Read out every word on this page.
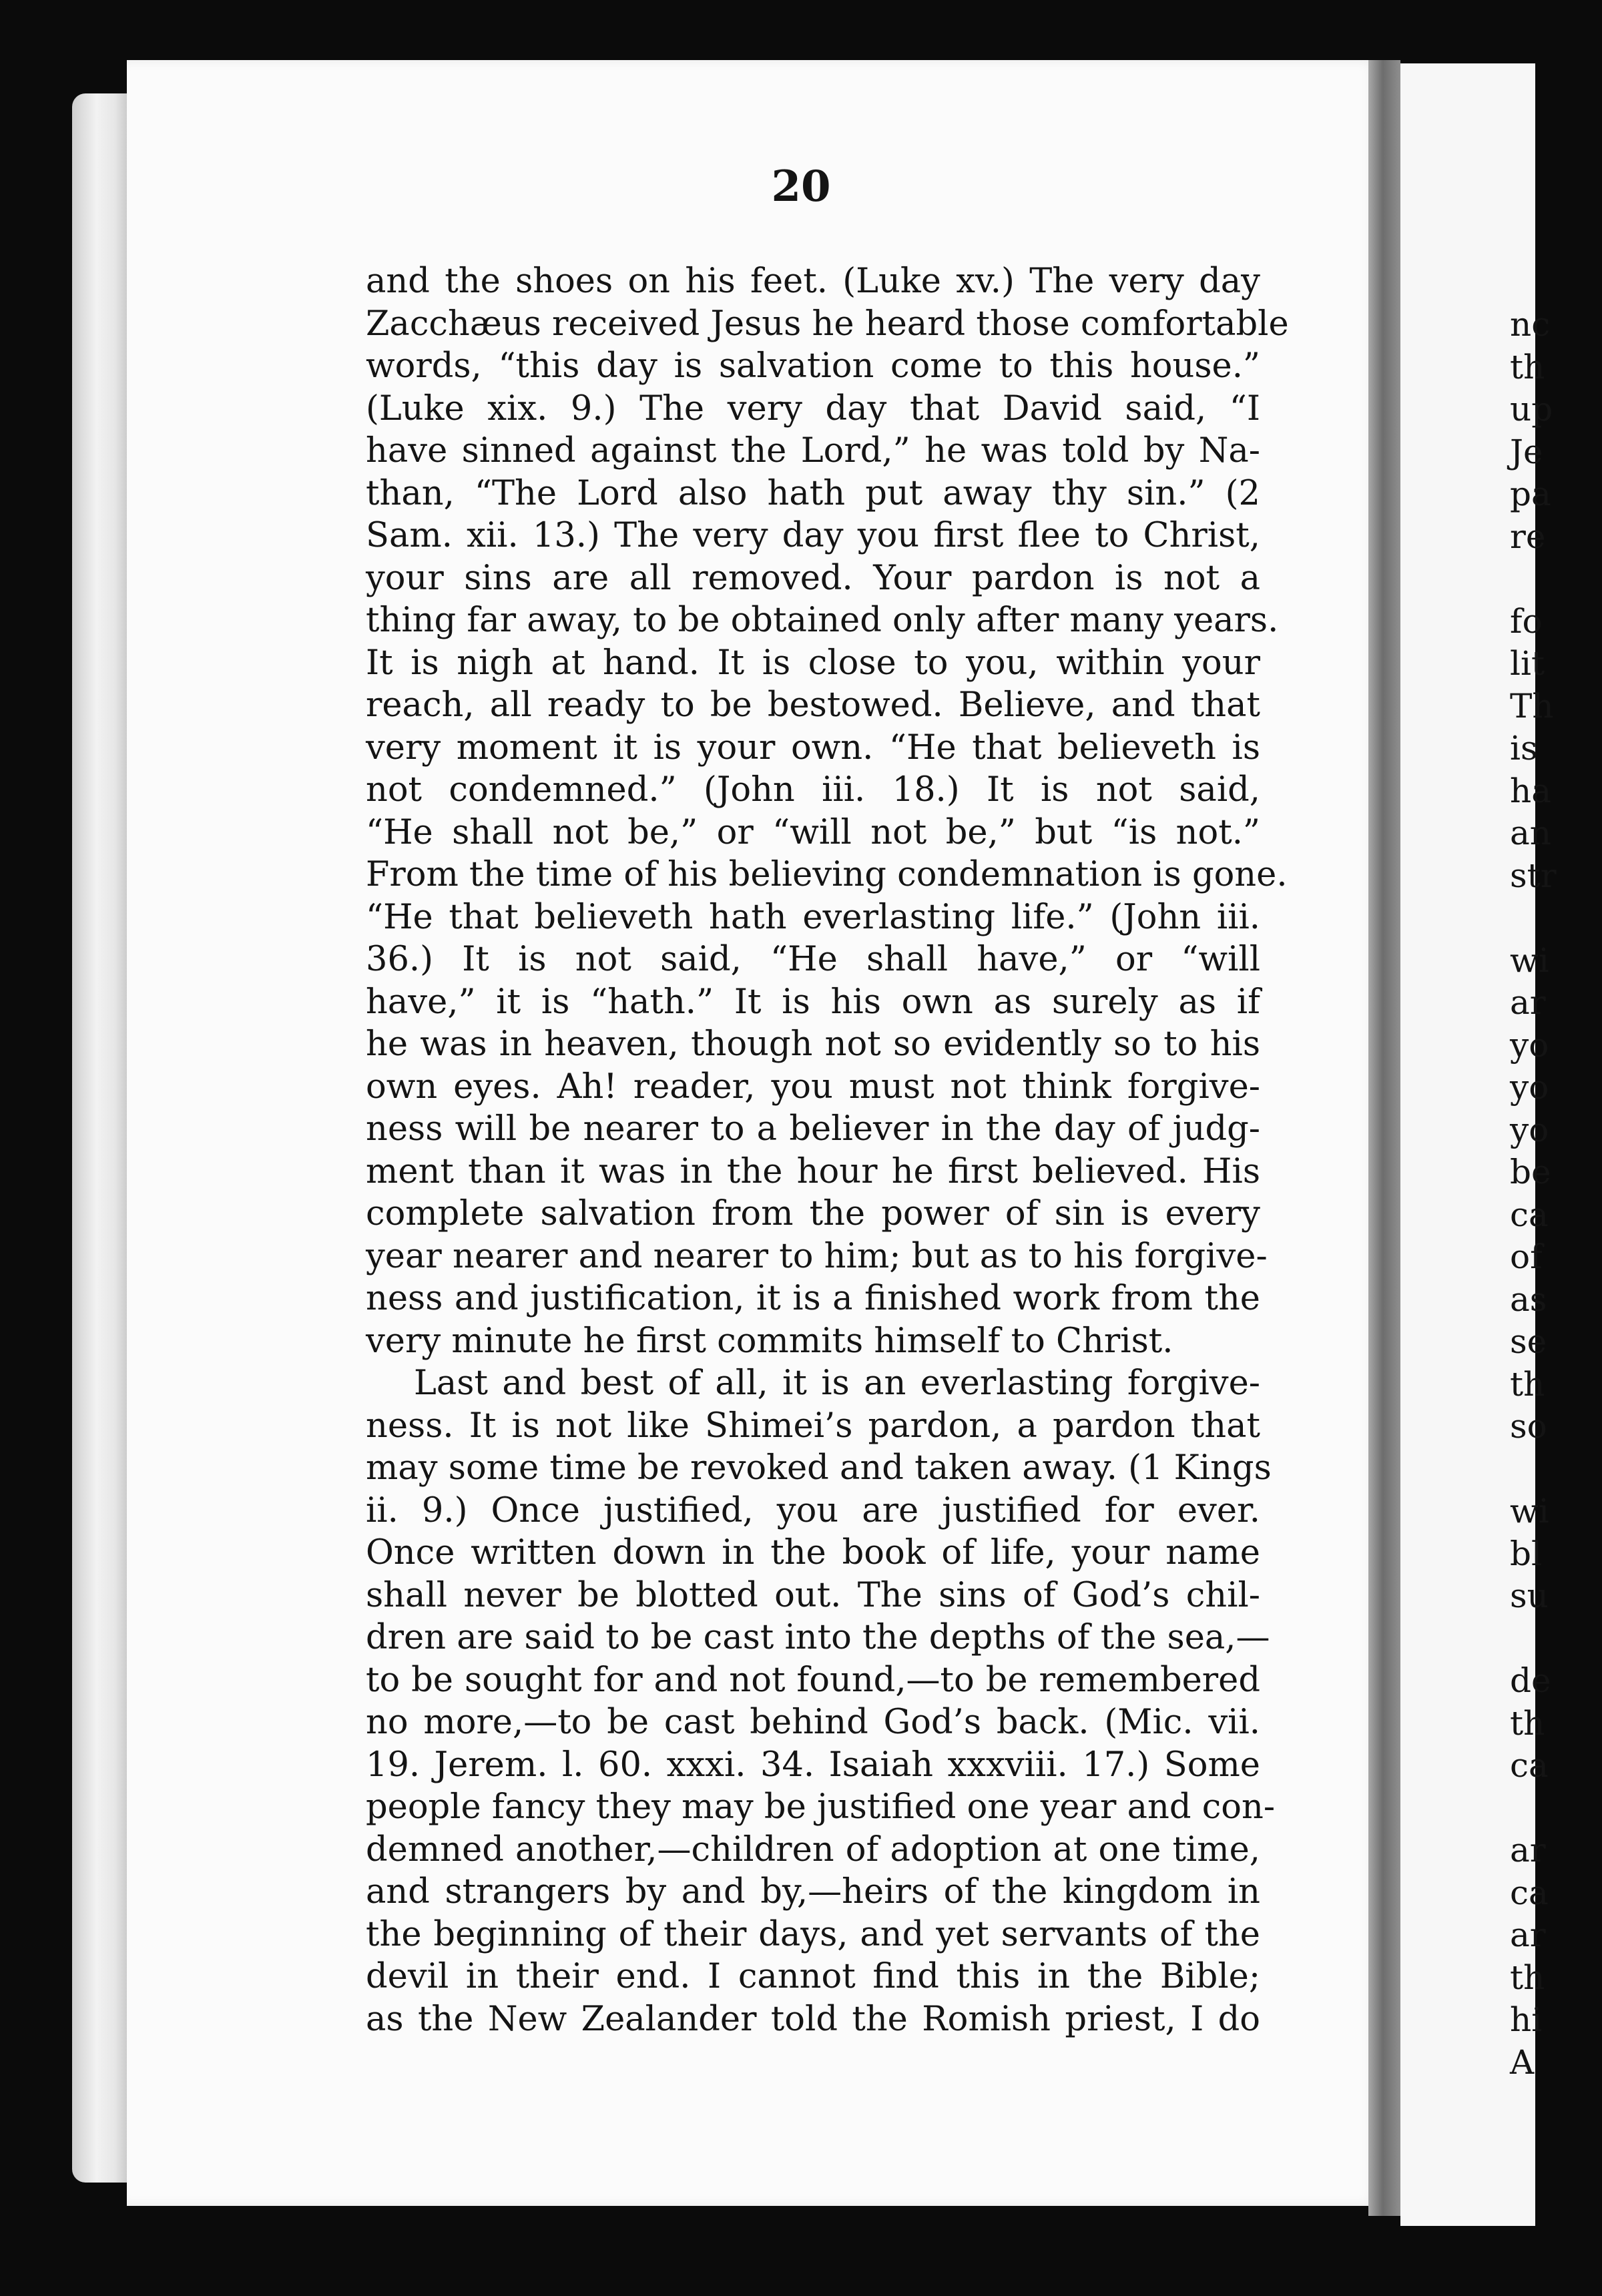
20
and the shoes on his feet. (Luke xv.) The very day
Zacchæus received Jesus he heard those comfortable
words, “this day is salvation come to this house.”
(Luke xix. 9.) The very day that David said, “I
have sinned against the Lord,” he was told by Na-
than, “The Lord also hath put away thy sin.” (2
Sam. xii. 13.) The very day you first flee to Christ,
your sins are all removed. Your pardon is not a
thing far away, to be obtained only after many years.
It is nigh at hand. It is close to you, within your
reach, all ready to be bestowed. Believe, and that
very moment it is your own. “He that believeth is
not condemned.” (John iii. 18.) It is not said,
“He shall not be,” or “will not be,” but “is not.”
From the time of his believing condemnation is gone.
“He that believeth hath everlasting life.” (John iii.
36.) It is not said, “He shall have,” or “will
have,” it is “hath.” It is his own as surely as if
he was in heaven, though not so evidently so to his
own eyes. Ah! reader, you must not think forgive-
ness will be nearer to a believer in the day of judg-
ment than it was in the hour he first believed. His
complete salvation from the power of sin is every
year nearer and nearer to him; but as to his forgive-
ness and justification, it is a finished work from the
very minute he first commits himself to Christ.
Last and best of all, it is an everlasting forgive-
ness. It is not like Shimei’s pardon, a pardon that
may some time be revoked and taken away. (1 Kings
ii. 9.) Once justified, you are justified for ever.
Once written down in the book of life, your name
shall never be blotted out. The sins of God’s chil-
dren are said to be cast into the depths of the sea,—
to be sought for and not found,—to be remembered
no more,—to be cast behind God’s back. (Mic. vii.
19. Jerem. l. 60. xxxi. 34. Isaiah xxxviii. 17.) Some
people fancy they may be justified one year and con-
demned another,—children of adoption at one time,
and strangers by and by,—heirs of the kingdom in
the beginning of their days, and yet servants of the
devil in their end. I cannot find this in the Bible;
as the New Zealander told the Romish priest, I do
nc
th
up
Je
pa
re
fo
lit
Th
is
ha
an
str
wi
ar
yo
yo
yo
be
ca
of
as
se
th
so
wi
bl
su
de
th
ca
ar
ca
ar
th
hi
A
